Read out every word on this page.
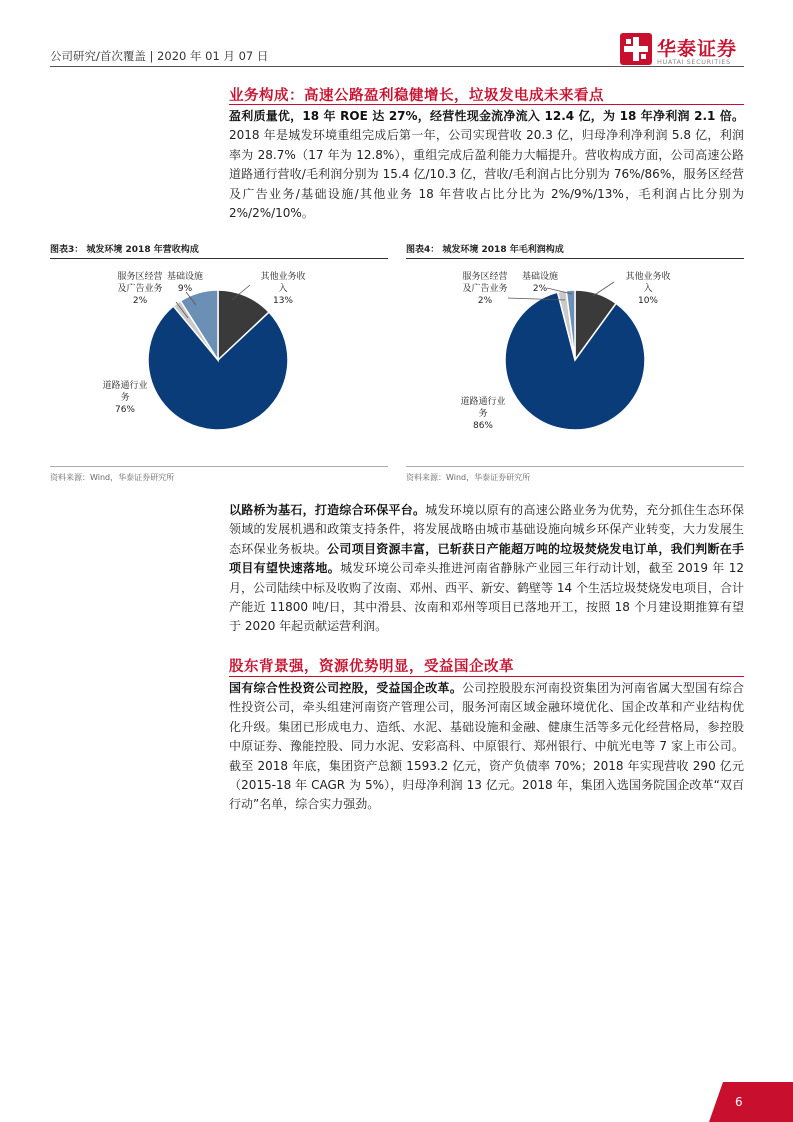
公司研究/首次覆盖 | 2020 年 01 月 07 日	华泰证券
HUATAI SECURITIES
业务构成：高速公路盈利稳健增长，垃圾发电成未来看点
盈利质量优，18 年 ROE 达 27%，经营性现金流净流入 12.4 亿，为 18 年净利润 2.1 倍。2018 年是城发环境重组完成后第一年，公司实现营收 20.3 亿，归母净利净利润 5.8 亿，利润率为 28.7%（17 年为 12.8%），重组完成后盈利能力大幅提升。营收构成方面，公司高速公路道路通行营收/毛利润分别为 15.4 亿/10.3 亿，营收/毛利润占比分别为 76%/86%，服务区经营及广告业务/基础设施/其他业务 18 年营收占比分比为 2%/9%/13%，毛利润占比分别为 2%/2%/10%。
图表3： 城发环境 2018 年营收构成
服务区经营
及广告业务
2%
基础设施
9%
其他业务收
入
13%
道路通行业
务
76%
资料来源：Wind，华泰证券研究所
图表4： 城发环境 2018 年毛利润构成
服务区经营
及广告业务
2%
基础设施
2%
其他业务收
入
10%
道路通行业
务
86%
资料来源：Wind，华泰证券研究所
以路桥为基石，打造综合环保平台。城发环境以原有的高速公路业务为优势，充分抓住生态环保领域的发展机遇和政策支持条件，将发展战略由城市基础设施向城乡环保产业转变，大力发展生态环保业务板块。公司项目资源丰富，已斩获日产能超万吨的垃圾焚烧发电订单，我们判断在手项目有望快速落地。城发环境公司牵头推进河南省静脉产业园三年行动计划，截至 2019 年 12 月，公司陆续中标及收购了汝南、邓州、西平、新安、鹤壁等 14 个生活垃圾焚烧发电项目，合计产能近 11800 吨/日，其中滑县、汝南和邓州等项目已落地开工，按照 18 个月建设期推算有望于 2020 年起贡献运营利润。
股东背景强，资源优势明显，受益国企改革
国有综合性投资公司控股，受益国企改革。公司控股股东河南投资集团为河南省属大型国有综合性投资公司，牵头组建河南资产管理公司，服务河南区域金融环境优化、国企改革和产业结构优化升级。集团已形成电力、造纸、水泥、基础设施和金融、健康生活等多元化经营格局，参控股中原证券、豫能控股、同力水泥、安彩高科、中原银行、郑州银行、中航光电等 7 家上市公司。截至 2018 年底，集团资产总额 1593.2 亿元，资产负债率 70%；2018 年实现营收 290 亿元（2015-18 年 CAGR 为 5%），归母净利润 13 亿元。2018 年，集团入选国务院国企改革“双百行动”名单，综合实力强劲。
6
